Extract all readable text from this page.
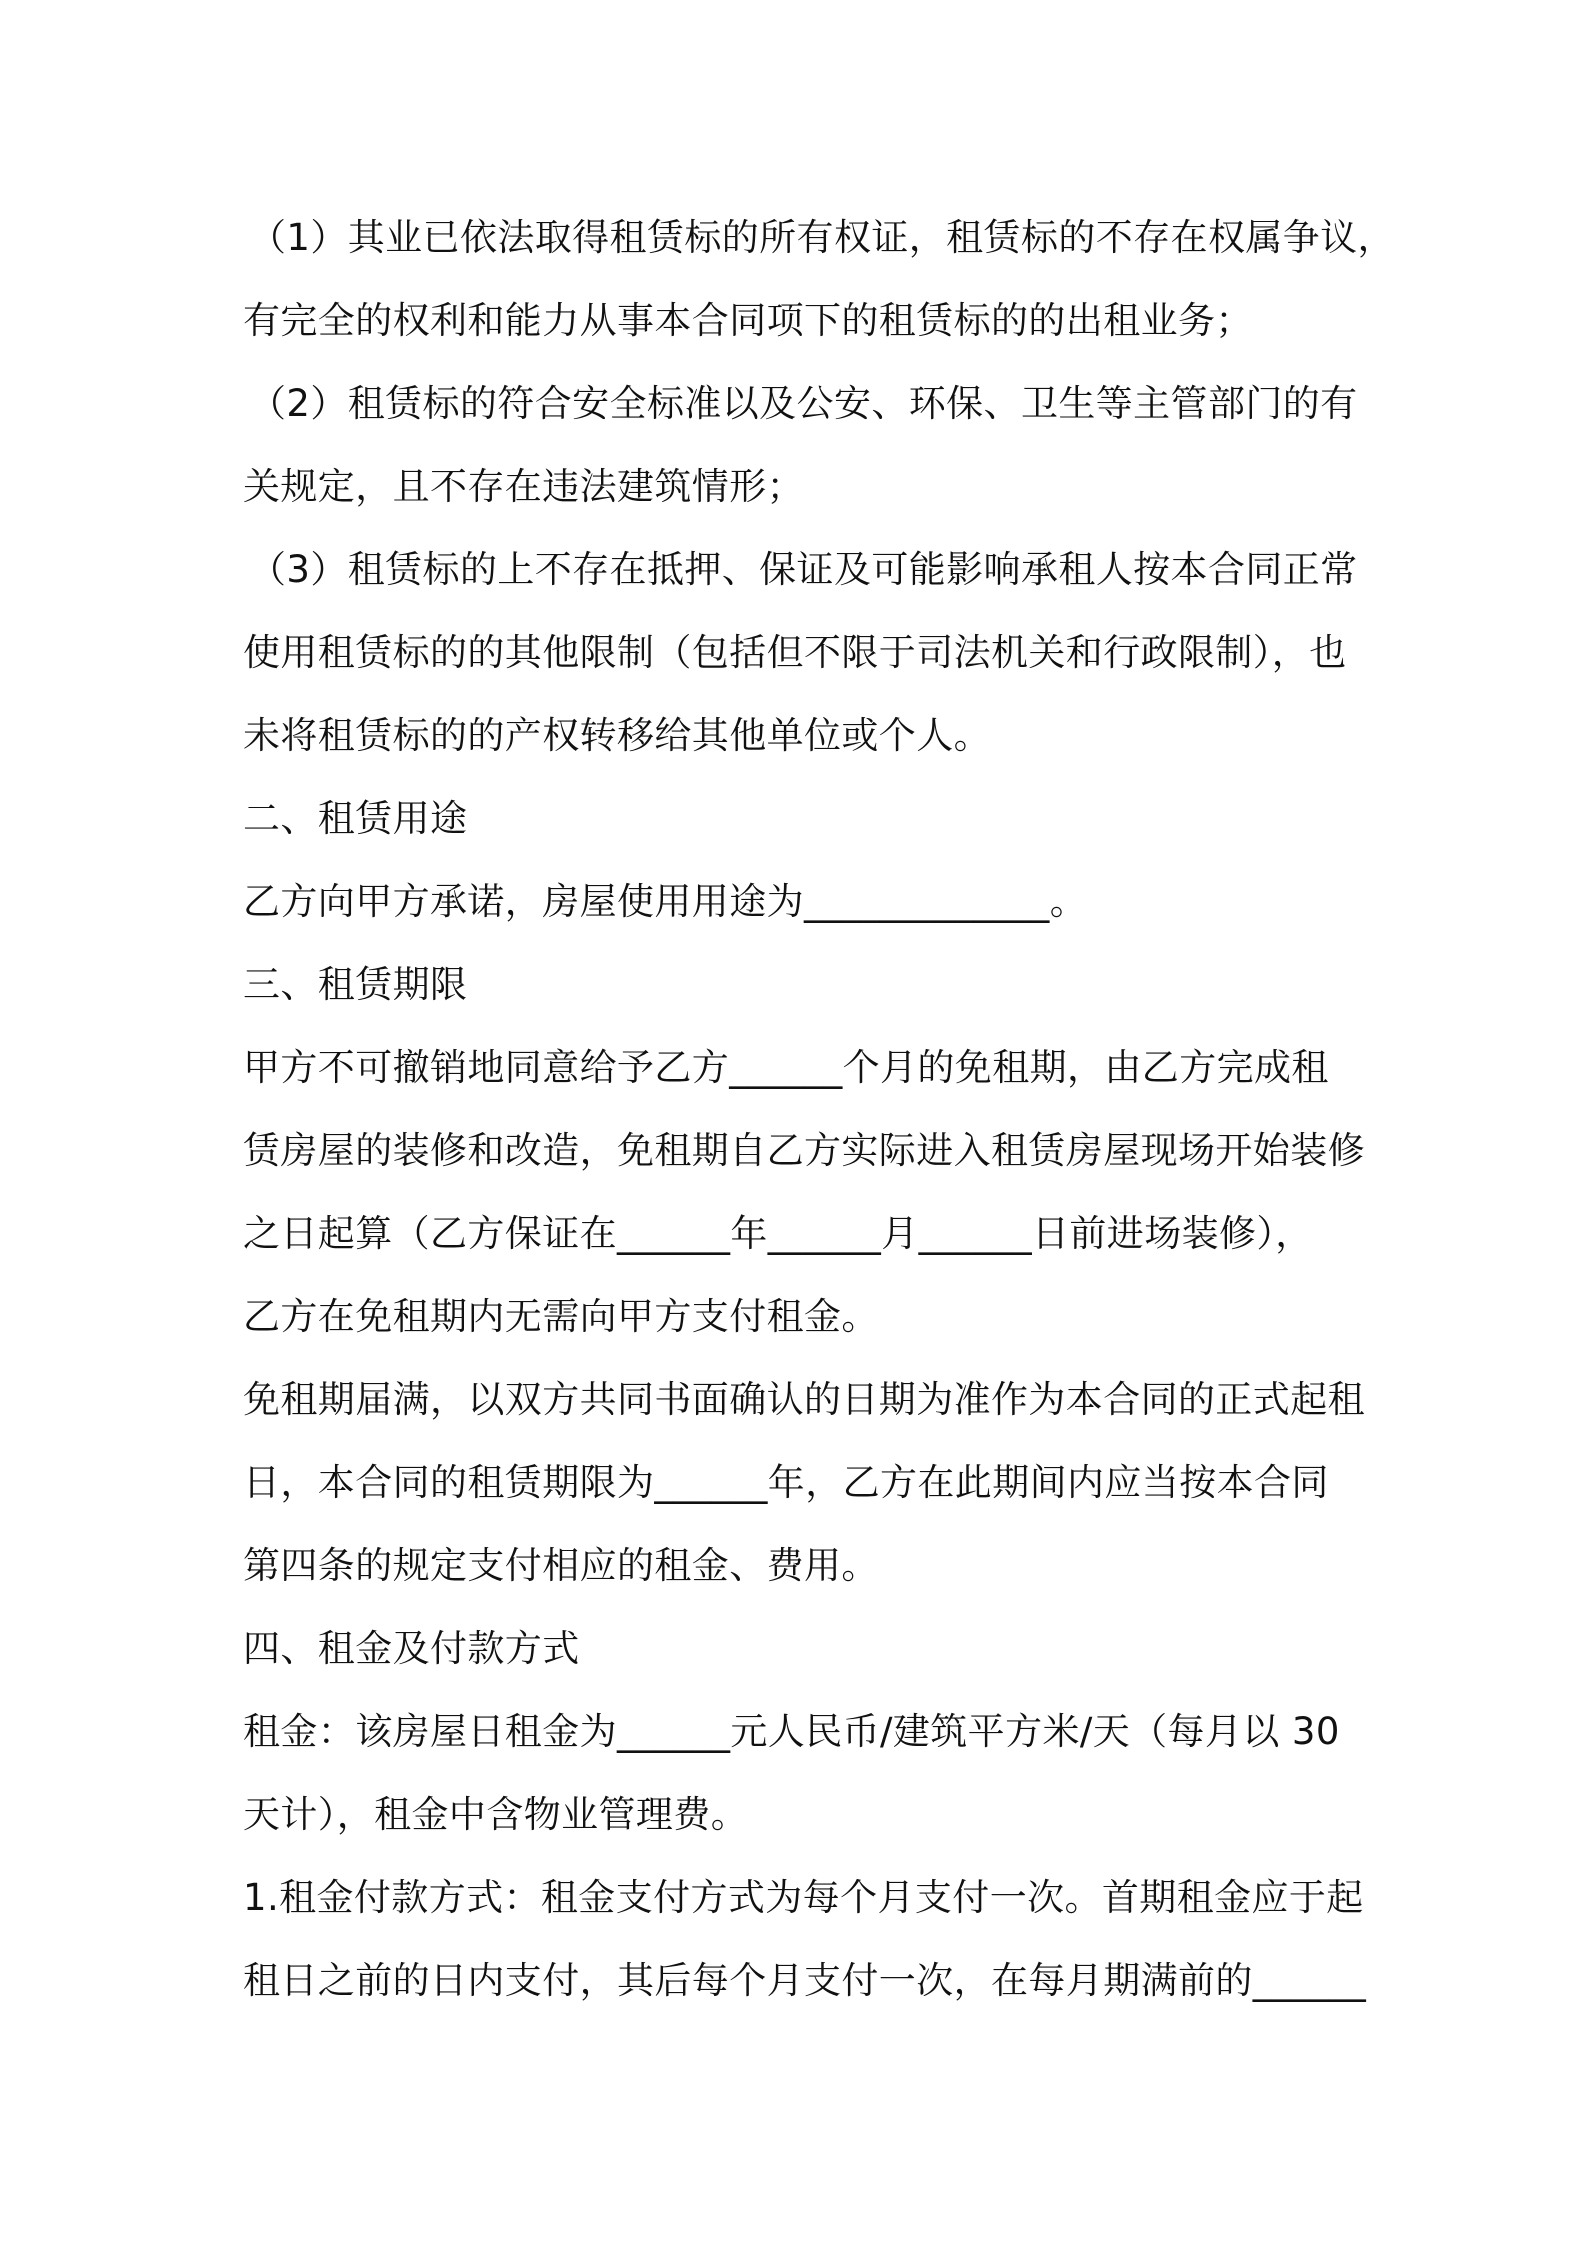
（1）其业已依法取得租赁标的所有权证，租赁标的不存在权属争议，
有完全的权利和能力从事本合同项下的租赁标的的出租业务；
（2）租赁标的符合安全标准以及公安、环保、卫生等主管部门的有
关规定，且不存在违法建筑情形；
（3）租赁标的上不存在抵押、保证及可能影响承租人按本合同正常
使用租赁标的的其他限制（包括但不限于司法机关和行政限制），也
未将租赁标的的产权转移给其他单位或个人。
二、租赁用途
乙方向甲方承诺，房屋使用用途为_____________。
三、租赁期限
甲方不可撤销地同意给予乙方______个月的免租期，由乙方完成租
赁房屋的装修和改造，免租期自乙方实际进入租赁房屋现场开始装修
之日起算（乙方保证在______年______月______日前进场装修），
乙方在免租期内无需向甲方支付租金。
免租期届满，以双方共同书面确认的日期为准作为本合同的正式起租
日，本合同的租赁期限为______年，乙方在此期间内应当按本合同
第四条的规定支付相应的租金、费用。
四、租金及付款方式
租金：该房屋日租金为______元人民币/建筑平方米/天（每月以 30
天计），租金中含物业管理费。
1.租金付款方式：租金支付方式为每个月支付一次。首期租金应于起
租日之前的日内支付，其后每个月支付一次，在每月期满前的______
